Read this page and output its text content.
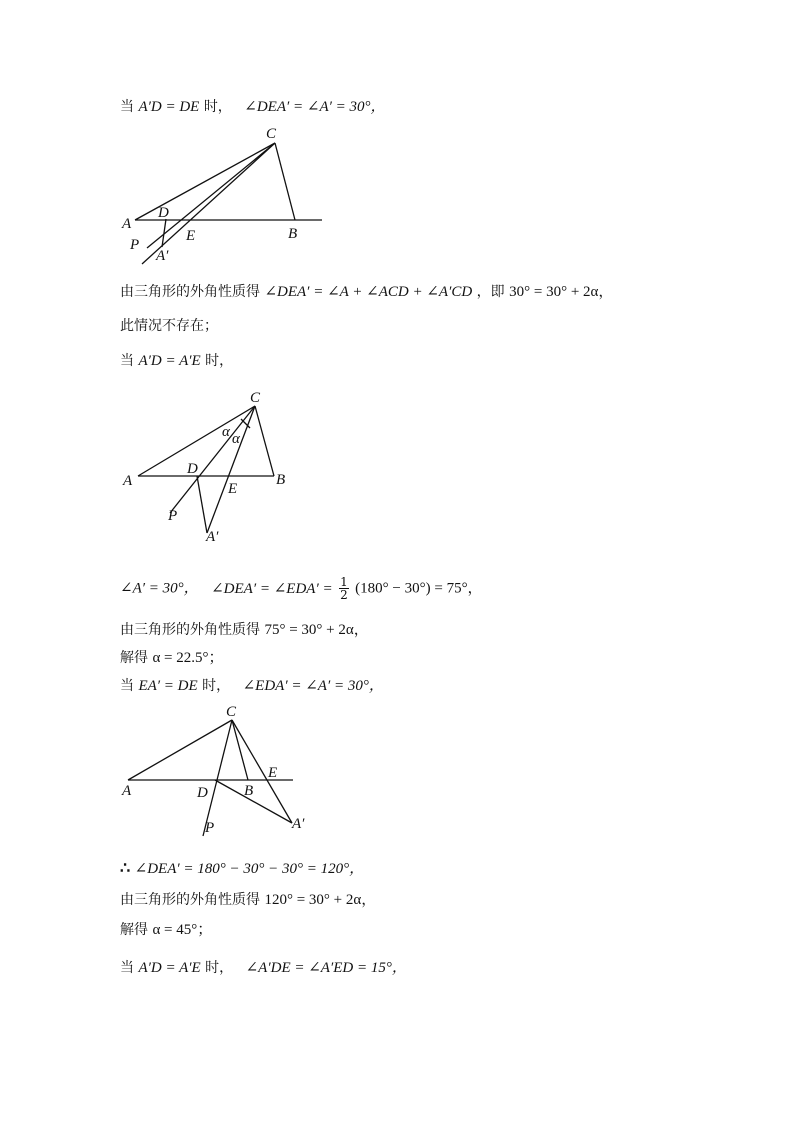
当 A′D = DE 时， ∠DEA′ = ∠A′ = 30°，
由三角形的外角性质得 ∠DEA′ = ∠A + ∠ACD + ∠A′CD ，即 30° = 30° + 2α，
此情况不存在；
当 A′D = A′E 时，
∠A′ = 30°， ∠DEA′ = ∠EDA′ = $\frac{1}{2} (180^\circ - 30^\circ) = 75^\circ$，
由三角形的外角性质得 75° = 30° + 2α，
解得 α = 22.5°；
当 EA′ = DE 时， ∠EDA′ = ∠A′ = 30°，
∴ ∠DEA′ = 180° − 30° − 30° = 120°，
由三角形的外角性质得 120° = 30° + 2α，
解得 α = 45°；
当 A′D = A′E 时， ∠A′DE = ∠A′ED = 15°，
C
A
D
P
E	B
A′
C
α α
A
D
B
E
P
A′
C
A	D B
E
P	A′
